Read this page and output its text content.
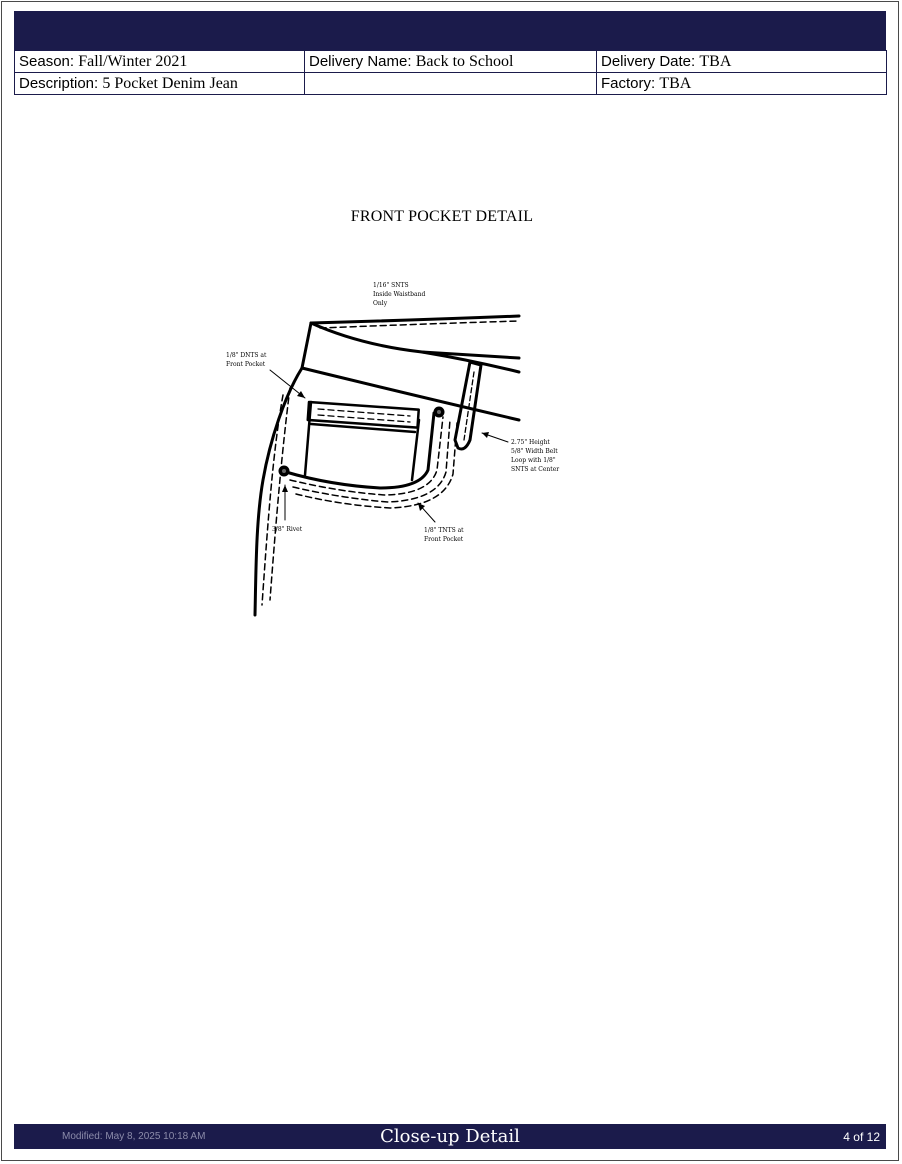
Season: Fall/Winter 2021	Delivery Name: Back to School	Delivery Date: TBA
Description: 5 Pocket Denim Jean		Factory: TBA
FRONT POCKET DETAIL
1/16" SNTS Inside Waistband Only
1/8" DNTS at Front Pocket
2.75" Height 5/8" Width Belt Loop with 1/8" SNTS at Center
3/8" Rivet	1/8" TNTS at Front Pocket
Modified: May 8, 2025 10:18 AM	Close-up Detail	4 of 12
